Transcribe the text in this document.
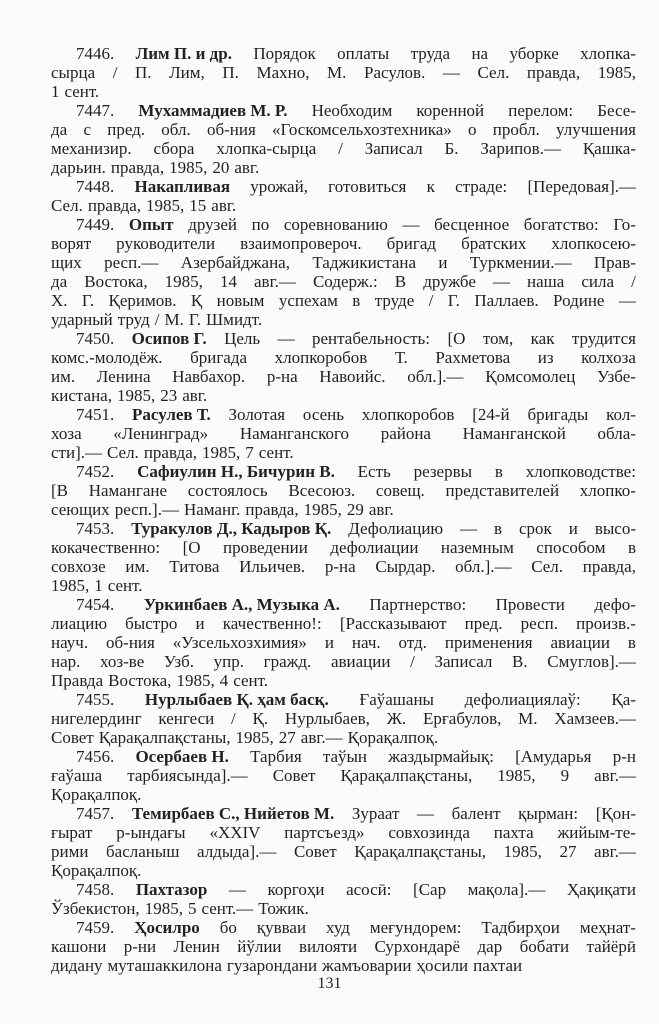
7446. Лим П. и др. Порядок оплаты труда на уборке хлопка-
сырца / П. Лим, П. Махно, М. Расулов. — Сел. правда, 1985,
1 сент.
7447. Мухаммадиев М. Р. Необходим коренной перелом: Бесе-
да с пред. обл. об-ния «Госкомсельхозтехника» о пробл. улучшения
механизир. сбора хлопка-сырца / Записал Б. Зарипов.— Қашка-
дарьин. правда, 1985, 20 авг.
7448. Накапливая урожай, готовиться к страде: [Передовая].—
Сел. правда, 1985, 15 авг.
7449. Опыт друзей по соревнованию — бесценное богатство: Го-
ворят руководители взаимопровероч. бригад братских хлопкосею-
щих респ.— Азербайджана, Таджикистана и Туркмении.— Прав-
да Востока, 1985, 14 авг.— Содерж.: В дружбе — наша сила /
Х. Г. Қеримов. Қ новым успехам в труде / Г. Паллаев. Родине —
ударный труд / М. Г. Шмидт.
7450. Осипов Г. Цель — рентабельность: [О том, как трудится
комс.-молодёж. бригада хлопкоробов Т. Рахметова из колхоза
им. Ленина Навбахор. р-на Навоийс. обл.].— Қомсомолец Узбе-
кистана, 1985, 23 авг.
7451. Расулев Т. Золотая осень хлопкоробов [24-й бригады кол-
хоза «Ленинград» Наманганского района Наманганской обла-
сти].— Сел. правда, 1985, 7 сент.
7452. Сафиулин Н., Бичурин В. Есть резервы в хлопководстве:
[В Намангане состоялось Всесоюз. совещ. представителей хлопко-
сеющих респ.].— Наманг. правда, 1985, 29 авг.
7453. Туракулов Д., Кадыров Қ. Дефолиацию — в срок и высо-
кокачественно: [О проведении дефолиации наземным способом в
совхозе им. Титова Ильичев. р-на Сырдар. обл.].— Сел. правда,
1985, 1 сент.
7454. Уркинбаев А., Музыка А. Партнерство: Провести дефо-
лиацию быстро и качественно!: [Рассказывают пред. респ. произв.-
науч. об-ния «Узсельхозхимия» и нач. отд. применения авиации в
нар. хоз-ве Узб. упр. гражд. авиации / Записал В. Смуглов].—
Правда Востока, 1985, 4 сент.
7455. Нурлыбаев Қ. ҳам басқ. Ғаўашаны дефолиациялаў: Қа-
нигелердинг кенгеси / Қ. Нурлыбаев, Ж. Ерғабулов, М. Хамзеев.—
Совет Қарақалпақстаны, 1985, 27 авг.— Қорақалпоқ.
7456. Осербаев Н. Тарбия таўын жаздырмайық: [Амударья р-н
ғаўаша тарбиясында].— Совет Қарақалпақстаны, 1985, 9 авг.—
Қорақалпоқ.
7457. Темирбаев С., Нийетов М. Зураат — балент қырман: [Қон-
ғырат р-ындағы «XXIV партсъезд» совхозинда пахта жийым-те-
рими басланыш алдыда].— Совет Қарақалпақстаны, 1985, 27 авг.—
Қорақалпоқ.
7458. Пахтазор — коргоҳи асосӣ: [Сар мақола].— Ҳақиқати
Ўзбекистон, 1985, 5 сент.— Тожик.
7459. Ҳосилро бо қувваи худ меғундорем: Тадбирҳои меҳнат-
кашони р-ни Ленин йўлии вилояти Сурхондарё дар бобати тайёрӣ
дидану муташаккилона гузарондани жамъоварии ҳосили пахтаи
131
